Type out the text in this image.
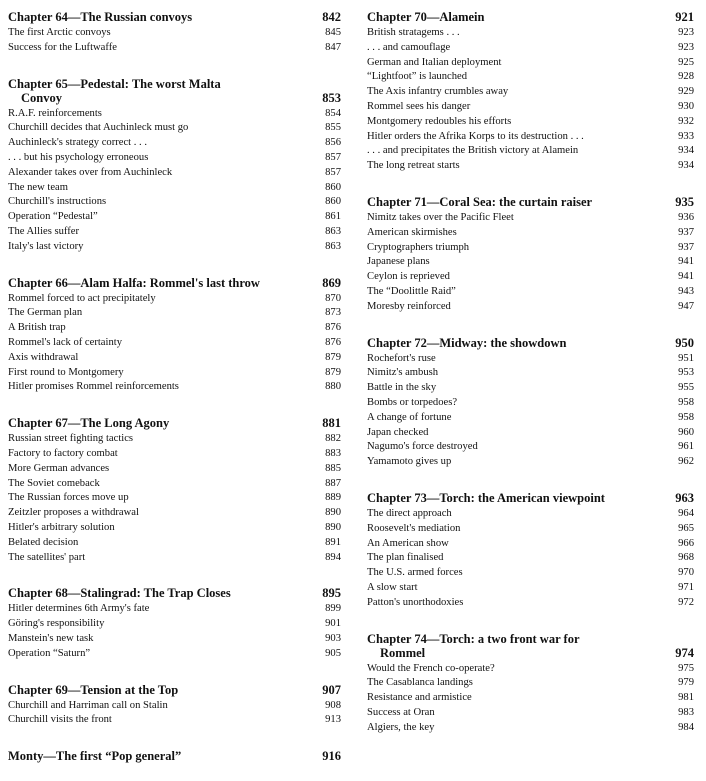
Chapter 64—The Russian convoys	842
The first Arctic convoys	845
Success for the Luftwaffe	847
Chapter 65—Pedestal: The worst Malta
Convoy	853
R.A.F. reinforcements	854
Churchill decides that Auchinleck must go	855
Auchinleck's strategy correct . . .	856
. . . but his psychology erroneous	857
Alexander takes over from Auchinleck	857
The new team	860
Churchill's instructions	860
Operation “Pedestal”	861
The Allies suffer	863
Italy's last victory	863
Chapter 66—Alam Halfa: Rommel's last throw	869
Rommel forced to act precipitately	870
The German plan	873
A British trap	876
Rommel's lack of certainty	876
Axis withdrawal	879
First round to Montgomery	879
Hitler promises Rommel reinforcements	880
Chapter 67—The Long Agony	881
Russian street fighting tactics	882
Factory to factory combat	883
More German advances	885
The Soviet comeback	887
The Russian forces move up	889
Zeitzler proposes a withdrawal	890
Hitler's arbitrary solution	890
Belated decision	891
The satellites' part	894
Chapter 68—Stalingrad: The Trap Closes	895
Hitler determines 6th Army's fate	899
Göring's responsibility	901
Manstein's new task	903
Operation “Saturn”	905
Chapter 69—Tension at the Top	907
Churchill and Harriman call on Stalin	908
Churchill visits the front	913
Monty—The first “Pop general”	916
Chapter 70—Alamein	921
British stratagems . . .	923
. . . and camouflage	923
German and Italian deployment	925
“Lightfoot” is launched	928
The Axis infantry crumbles away	929
Rommel sees his danger	930
Montgomery redoubles his efforts	932
Hitler orders the Afrika Korps to its destruction . . .	933
. . . and precipitates the British victory at Alamein	934
The long retreat starts	934
Chapter 71—Coral Sea: the curtain raiser	935
Nimitz takes over the Pacific Fleet	936
American skirmishes	937
Cryptographers triumph	937
Japanese plans	941
Ceylon is reprieved	941
The “Doolittle Raid”	943
Moresby reinforced	947
Chapter 72—Midway: the showdown	950
Rochefort's ruse	951
Nimitz's ambush	953
Battle in the sky	955
Bombs or torpedoes?	958
A change of fortune	958
Japan checked	960
Nagumo's force destroyed	961
Yamamoto gives up	962
Chapter 73—Torch: the American viewpoint	963
The direct approach	964
Roosevelt's mediation	965
An American show	966
The plan finalised	968
The U.S. armed forces	970
A slow start	971
Patton's unorthodoxies	972
Chapter 74—Torch: a two front war for
Rommel	974
Would the French co-operate?	975
The Casablanca landings	979
Resistance and armistice	981
Success at Oran	983
Algiers, the key	984
